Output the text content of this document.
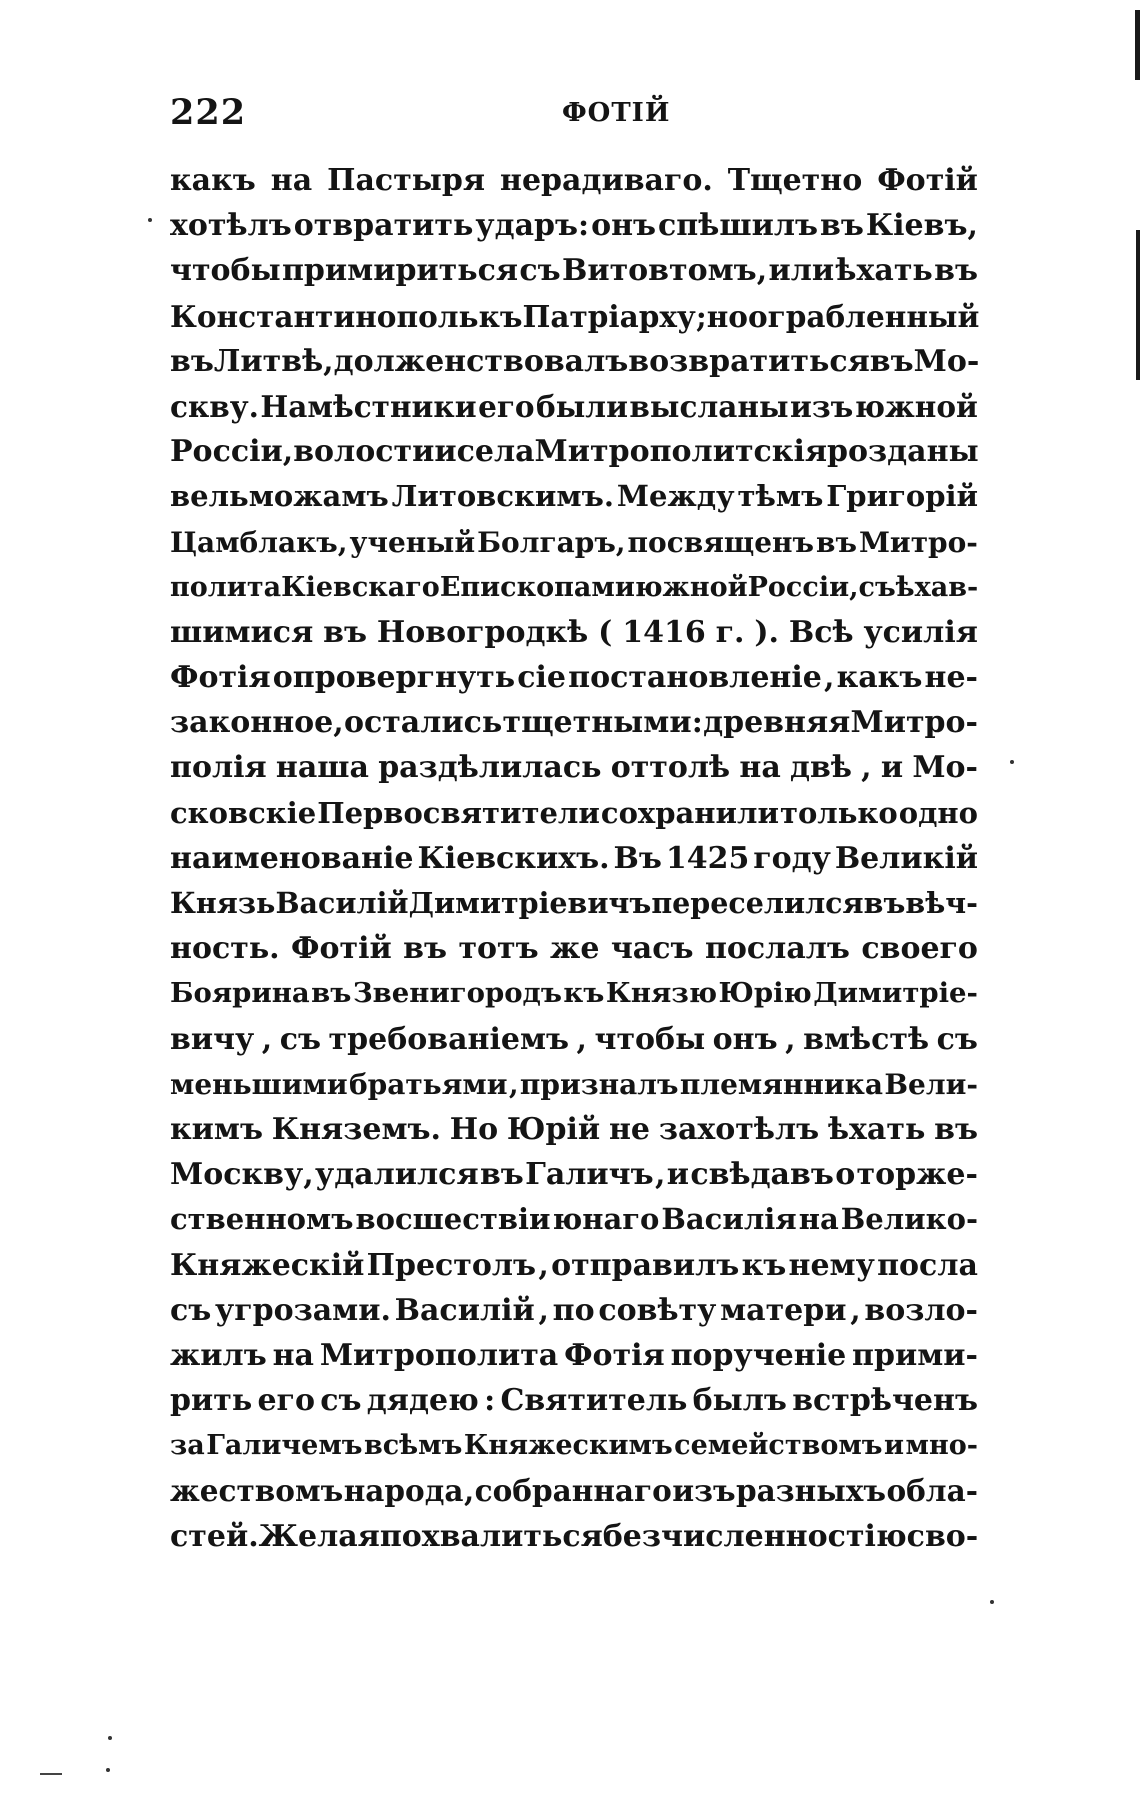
222	ФОТІЙ
какъ на Пастыря нерадиваго. Тщетно Фотій
хотѣлъ отвратить ударъ: онъ спѣшилъ въ Кіевъ,
чтобы примириться съ Витовтомъ, или ѣхать въ
Константинополь къ Патріарху ; но ограбленный
въ Литвѣ, долженствовалъ возвратиться въ Мо-
скву. Намѣстники его были высланы изъ южной
Россіи, волости и села Митрополитскія розданы
вельможамъ Литовскимъ. Между тѣмъ Григорій
Цамблакъ, ученый Болгаръ, посвященъ въ Митро-
полита Кіевскаго Епископами южной Россіи, съѣхав-
шимися въ Новогродкѣ ( 1416 г. ). Всѣ усилія
Фотія опровергнуть сіе постановленіе , какъ не-
законное, остались тщетными : древняя Митро-
полія наша раздѣлилась оттолѣ на двѣ , и Мо-
сковскіе Первосвятители сохранили только одно
наименованіе Кіевскихъ. Въ 1425 году Великій
Князь Василій Димитріевичъ переселился въ вѣч-
ность. Фотій въ тотъ же часъ послалъ своего
Боярина въ Звенигородъ къ Князю Юрію Димитріе-
вичу , съ требованіемъ , чтобы онъ , вмѣстѣ съ
меньшими братьями , призналъ племянника Вели-
кимъ Княземъ. Но Юрій не захотѣлъ ѣхать въ
Москву, удалился въ Галичъ , и свѣдавъ о торже-
ственномъ восшествіи юнаго Василія на Велико-
Княжескій Престолъ , отправилъ къ нему посла
съ угрозами. Василій , по совѣту матери , возло-
жилъ на Митрополита Фотія порученіе прими-
рить его съ дядею : Святитель былъ встрѣченъ
за Галичемъ всѣмъ Княжескимъ семействомъ и мно-
жествомъ народа , собраннаго изъ разныхъ обла-
стей. Желая похвалиться безчисленностію сво-
